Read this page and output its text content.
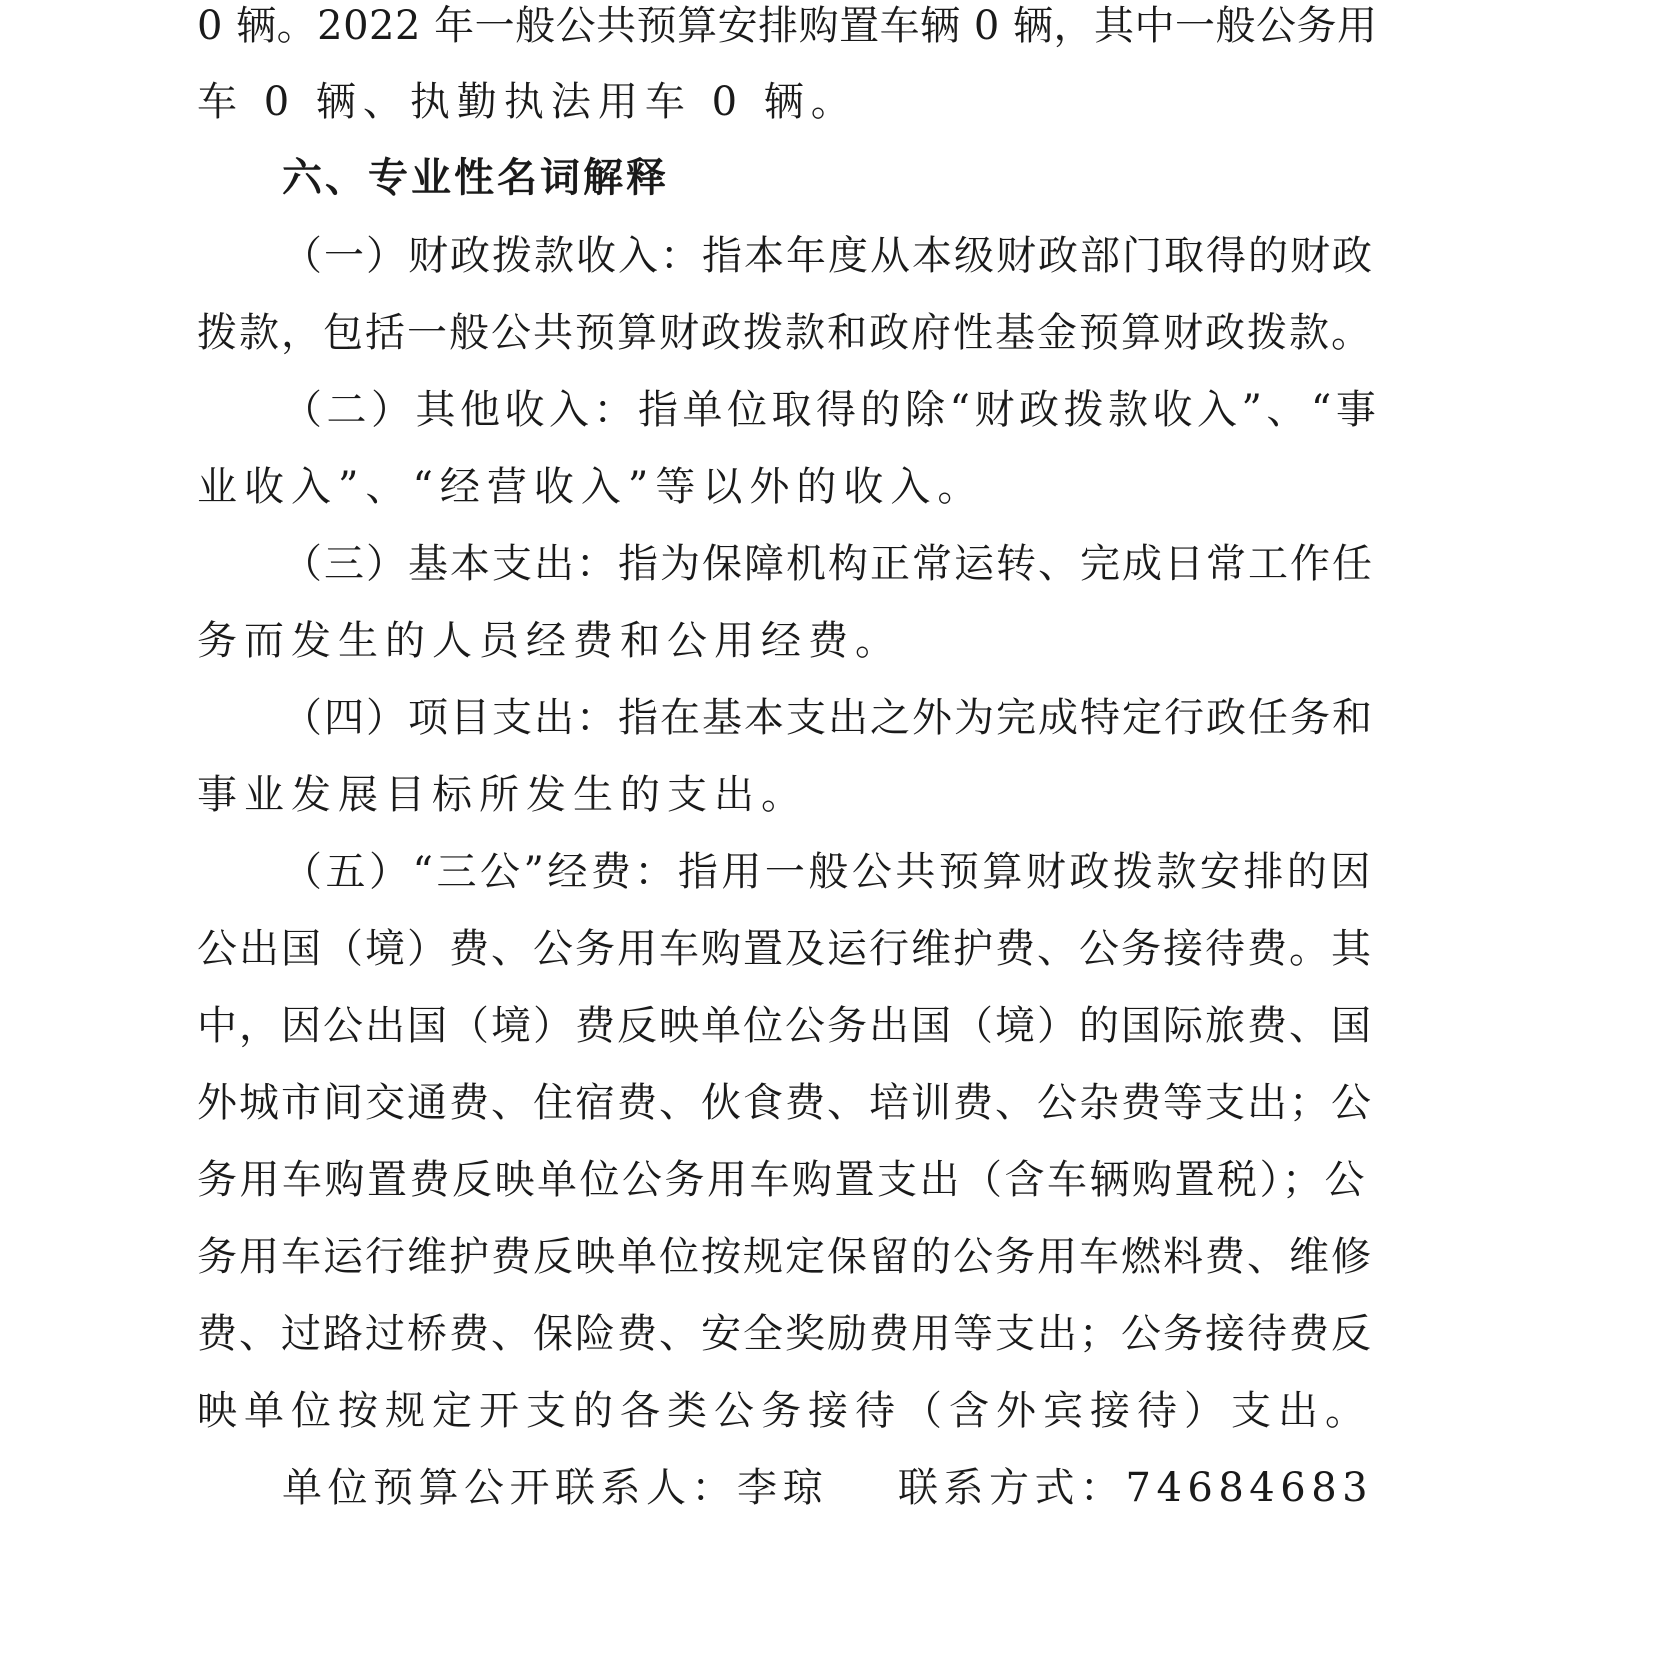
0 辆。2022 年一般公共预算安排购置车辆 0 辆，其中一般公务用
车 0 辆、执勤执法用车 0 辆。
六、专业性名词解释
（一）财政拨款收入：指本年度从本级财政部门取得的财政
拨款，包括一般公共预算财政拨款和政府性基金预算财政拨款。
（二）其他收入：指单位取得的除“财政拨款收入”、“事
业收入”、“经营收入”等以外的收入。
（三）基本支出：指为保障机构正常运转、完成日常工作任
务而发生的人员经费和公用经费。
（四）项目支出：指在基本支出之外为完成特定行政任务和
事业发展目标所发生的支出。
（五）“三公”经费：指用一般公共预算财政拨款安排的因
公出国（境）费、公务用车购置及运行维护费、公务接待费。其
中，因公出国（境）费反映单位公务出国（境）的国际旅费、国
外城市间交通费、住宿费、伙食费、培训费、公杂费等支出；公
务用车购置费反映单位公务用车购置支出（含车辆购置税）；公
务用车运行维护费反映单位按规定保留的公务用车燃料费、维修
费、过路过桥费、保险费、安全奖励费用等支出；公务接待费反
映单位按规定开支的各类公务接待（含外宾接待）支出。
单位预算公开联系人：李琼 联系方式：74684683
